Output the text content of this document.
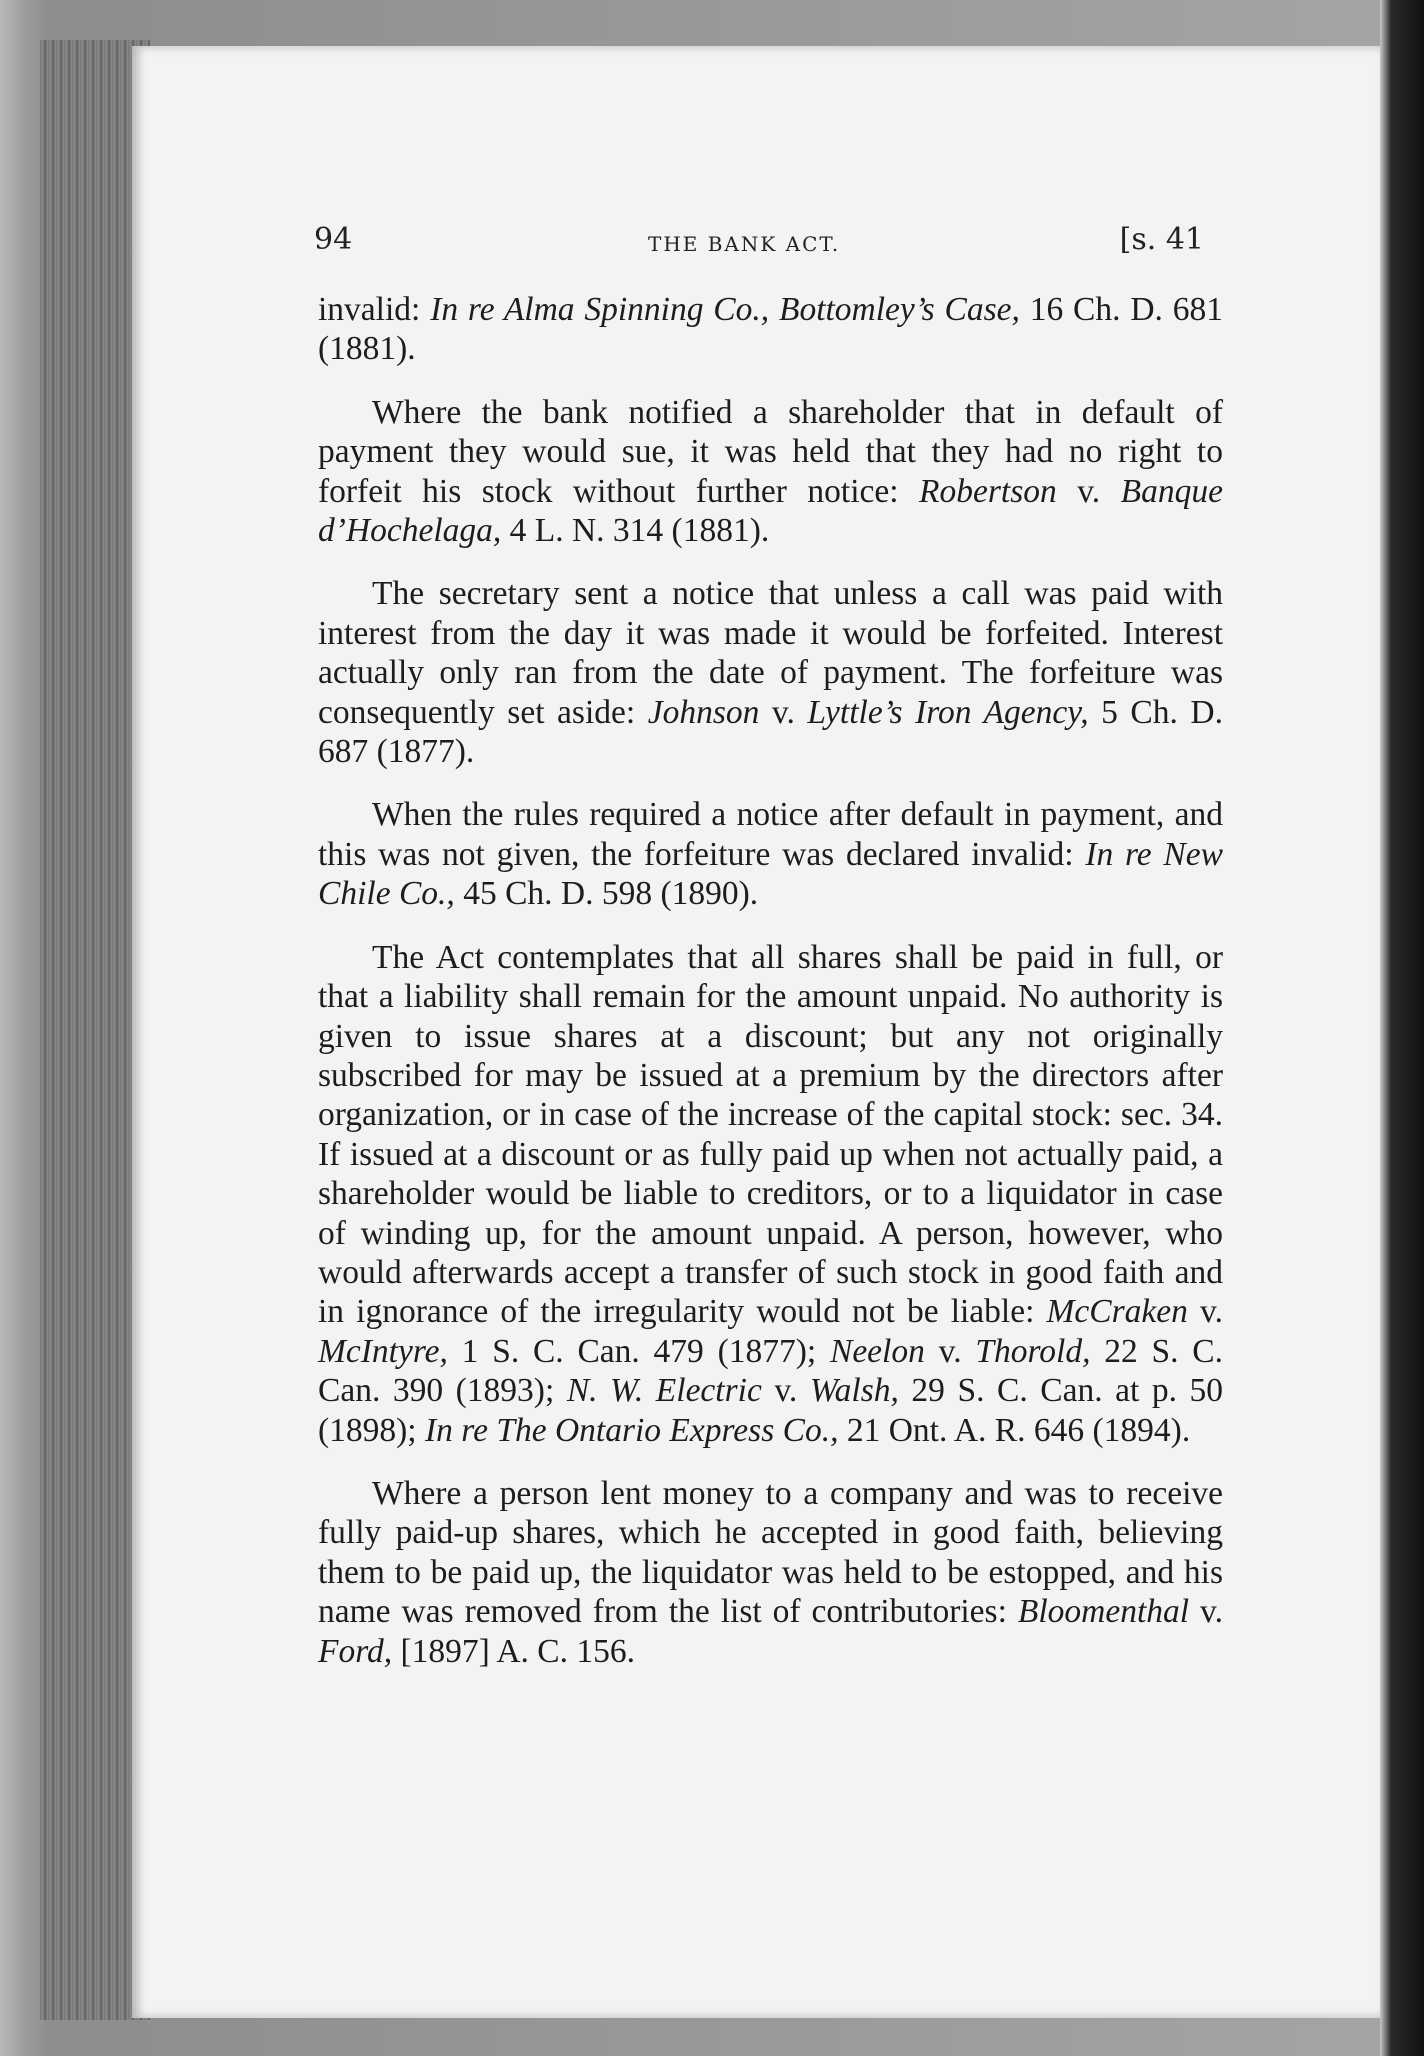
94	THE BANK ACT.	[s. 41

invalid: In re Alma Spinning Co., Bottomley’s Case, 16 Ch. D. 681 (1881).

Where the bank notified a shareholder that in default of payment they would sue, it was held that they had no right to forfeit his stock without further notice: Robertson v. Banque d’Hochelaga, 4 L. N. 314 (1881).

The secretary sent a notice that unless a call was paid with interest from the day it was made it would be forfeited. Interest actually only ran from the date of payment. The forfeiture was consequently set aside: Johnson v. Lyttle’s Iron Agency, 5 Ch. D. 687 (1877).

When the rules required a notice after default in payment, and this was not given, the forfeiture was declared invalid: In re New Chile Co., 45 Ch. D. 598 (1890).

The Act contemplates that all shares shall be paid in full, or that a liability shall remain for the amount unpaid. No authority is given to issue shares at a discount; but any not originally subscribed for may be issued at a premium by the directors after organization, or in case of the increase of the capital stock: sec. 34. If issued at a discount or as fully paid up when not actually paid, a shareholder would be liable to creditors, or to a liquidator in case of winding up, for the amount unpaid. A person, however, who would afterwards accept a transfer of such stock in good faith and in ignorance of the irregularity would not be liable: McCraken v. McIntyre, 1 S. C. Can. 479 (1877); Neelon v. Thorold, 22 S. C. Can. 390 (1893); N. W. Electric v. Walsh, 29 S. C. Can. at p. 50 (1898); In re The Ontario Express Co., 21 Ont. A. R. 646 (1894).

Where a person lent money to a company and was to receive fully paid-up shares, which he accepted in good faith, believing them to be paid up, the liquidator was held to be estopped, and his name was removed from the list of contributories: Bloomenthal v. Ford, [1897] A. C. 156.
